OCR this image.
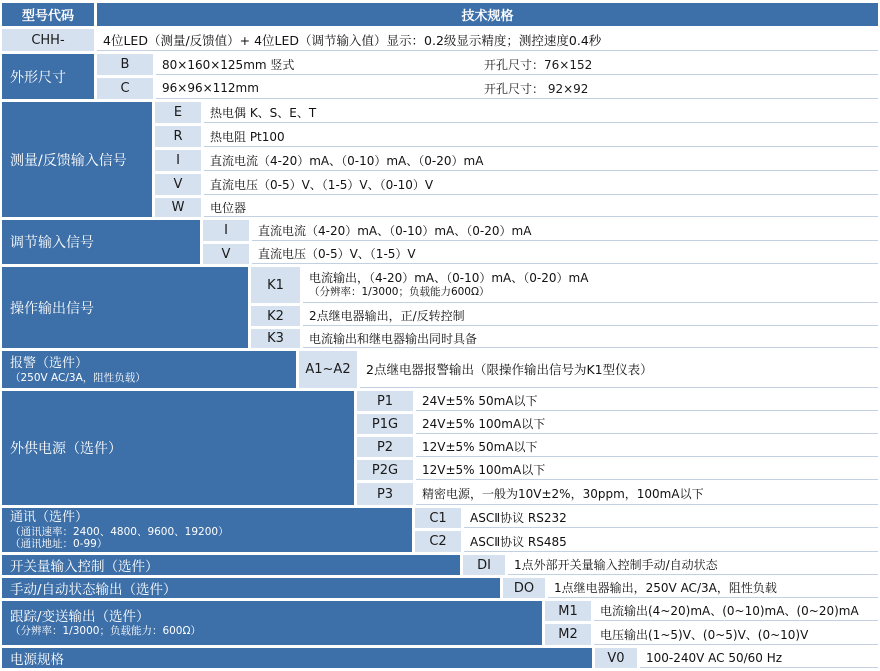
型号代码	技术规格
CHH-	4位LED（测量/反馈值）+ 4位LED（调节输入值）显示：0.2级显示精度；测控速度0.4秒
外形尺寸
B	80×160×125mm 竖式	开孔尺寸：76×152
C	96×96×112mm	开孔尺寸： 92×92
测量/反馈输入信号
E	热电偶 K、S、E、T
R	热电阻 Pt100
I	直流电流（4-20）mA、（0-10）mA、（0-20）mA
V	直流电压（0-5）V、（1-5）V、（0-10）V
W	电位器
调节输入信号
I	直流电流（4-20）mA、（0-10）mA、（0-20）mA
V	直流电压（0-5）V、（1-5）V
操作输出信号
K1	电流输出，（4-20）mA、（0-10）mA、（0-20）mA
（分辨率：1/3000；负载能力600Ω）
K2	2点继电器输出，正/反转控制
K3	电流输出和继电器输出同时具备
报警（选件）
（250V AC/3A，阻性负载）
A1~A2	2点继电器报警输出（限操作输出信号为K1型仪表）
外供电源（选件）
P1	24V±5% 50mA以下
P1G	24V±5% 100mA以下
P2	12V±5% 50mA以下
P2G	12V±5% 100mA以下
P3	精密电源，一般为10V±2%，30ppm，100mA以下
通讯（选件）
（通讯速率：2400、4800、9600、19200）
（通讯地址：0-99）
C1	ASCⅡ协议 RS232
C2	ASCⅡ协议 RS485
开关量输入控制（选件）	DI	1点外部开关量输入控制手动/自动状态
手动/自动状态输出（选件）	DO	1点继电器输出，250V AC/3A，阻性负载
跟踪/变送输出（选件）
（分辨率：1/3000；负载能力：600Ω）
M1	电流输出(4~20)mA、(0~10)mA、(0~20)mA
M2	电压输出(1~5)V、(0~5)V、(0~10)V
电源规格	V0	100-240V AC 50/60 Hz
